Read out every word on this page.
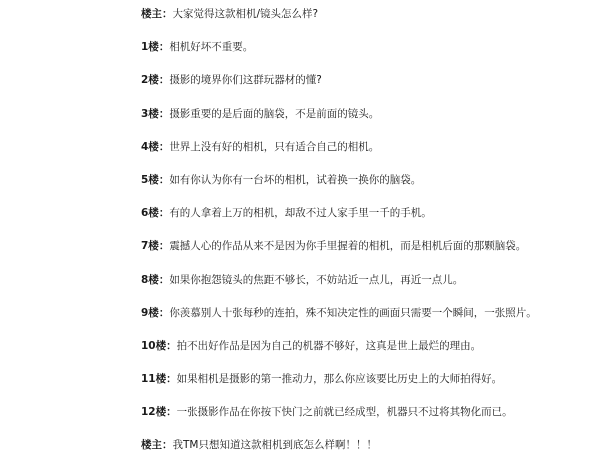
楼主：大家觉得这款相机/镜头怎么样?
1楼：相机好坏不重要。
2楼：摄影的境界你们这群玩器材的懂?
3楼：摄影重要的是后面的脑袋，不是前面的镜头。
4楼：世界上没有好的相机，只有适合自己的相机。
5楼：如有你认为你有一台坏的相机，试着换一换你的脑袋。
6楼：有的人拿着上万的相机，却敌不过人家手里一千的手机。
7楼：震撼人心的作品从来不是因为你手里握着的相机，而是相机后面的那颗脑袋。
8楼：如果你抱怨镜头的焦距不够长，不妨站近一点儿，再近一点儿。
9楼：你羡慕别人十张每秒的连拍，殊不知决定性的画面只需要一个瞬间，一张照片。
10楼：拍不出好作品是因为自己的机器不够好，这真是世上最烂的理由。
11楼：如果相机是摄影的第一推动力，那么你应该要比历史上的大师拍得好。
12楼：一张摄影作品在你按下快门之前就已经成型，机器只不过将其物化而已。
楼主：我TM只想知道这款相机到底怎么样啊！！！
